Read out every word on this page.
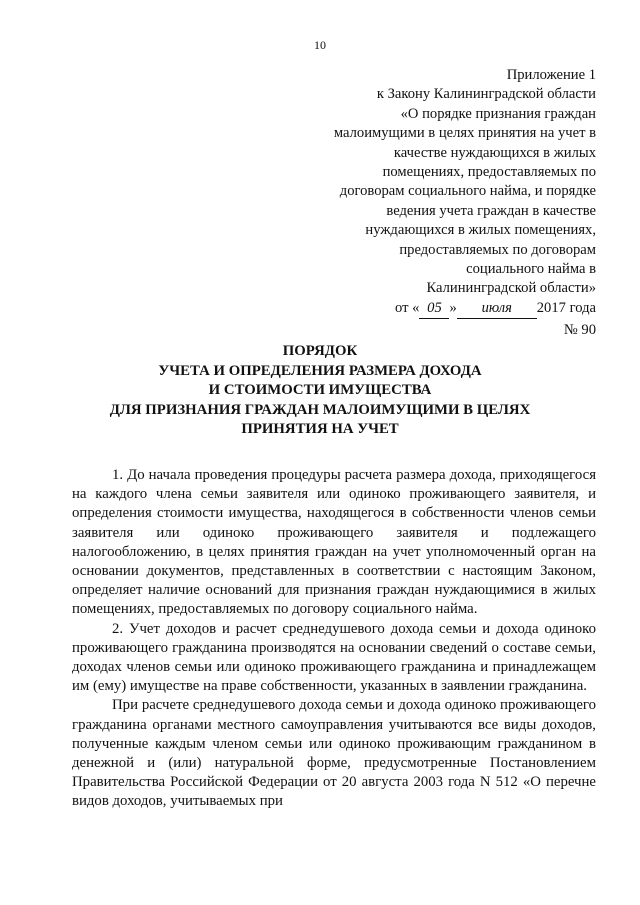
10
Приложение 1
к Закону Калининградской области
«О порядке признания граждан
малоимущими в целях принятия на учет в
качестве нуждающихся в жилых
помещениях, предоставляемых по
договорам социального найма, и порядке
ведения учета граждан в качестве
нуждающихся в жилых помещениях,
предоставляемых по договорам
социального найма в
Калининградской области»
от « 05 » июля 2017 года
№ 90
ПОРЯДОК
УЧЕТА И ОПРЕДЕЛЕНИЯ РАЗМЕРА ДОХОДА
И СТОИМОСТИ ИМУЩЕСТВА
ДЛЯ ПРИЗНАНИЯ ГРАЖДАН МАЛОИМУЩИМИ В ЦЕЛЯХ
ПРИНЯТИЯ НА УЧЕТ

1. До начала проведения процедуры расчета размера дохода, приходящегося на каждого члена семьи заявителя или одиноко проживающего заявителя, и определения стоимости имущества, находящегося в собственности членов семьи заявителя или одиноко проживающего заявителя и подлежащего налогообложению, в целях принятия граждан на учет уполномоченный орган на основании документов, представленных в соответствии с настоящим Законом, определяет наличие оснований для признания граждан нуждающимися в жилых помещениях, предоставляемых по договору социального найма.

2. Учет доходов и расчет среднедушевого дохода семьи и дохода одиноко проживающего гражданина производятся на основании сведений о составе семьи, доходах членов семьи или одиноко проживающего гражданина и принадлежащем им (ему) имуществе на праве собственности, указанных в заявлении гражданина.

При расчете среднедушевого дохода семьи и дохода одиноко проживающего гражданина органами местного самоуправления учитываются все виды доходов, полученные каждым членом семьи или одиноко проживающим гражданином в денежной и (или) натуральной форме, предусмотренные Постановлением Правительства Российской Федерации от 20 августа 2003 года N 512 «О перечне видов доходов, учитываемых при
